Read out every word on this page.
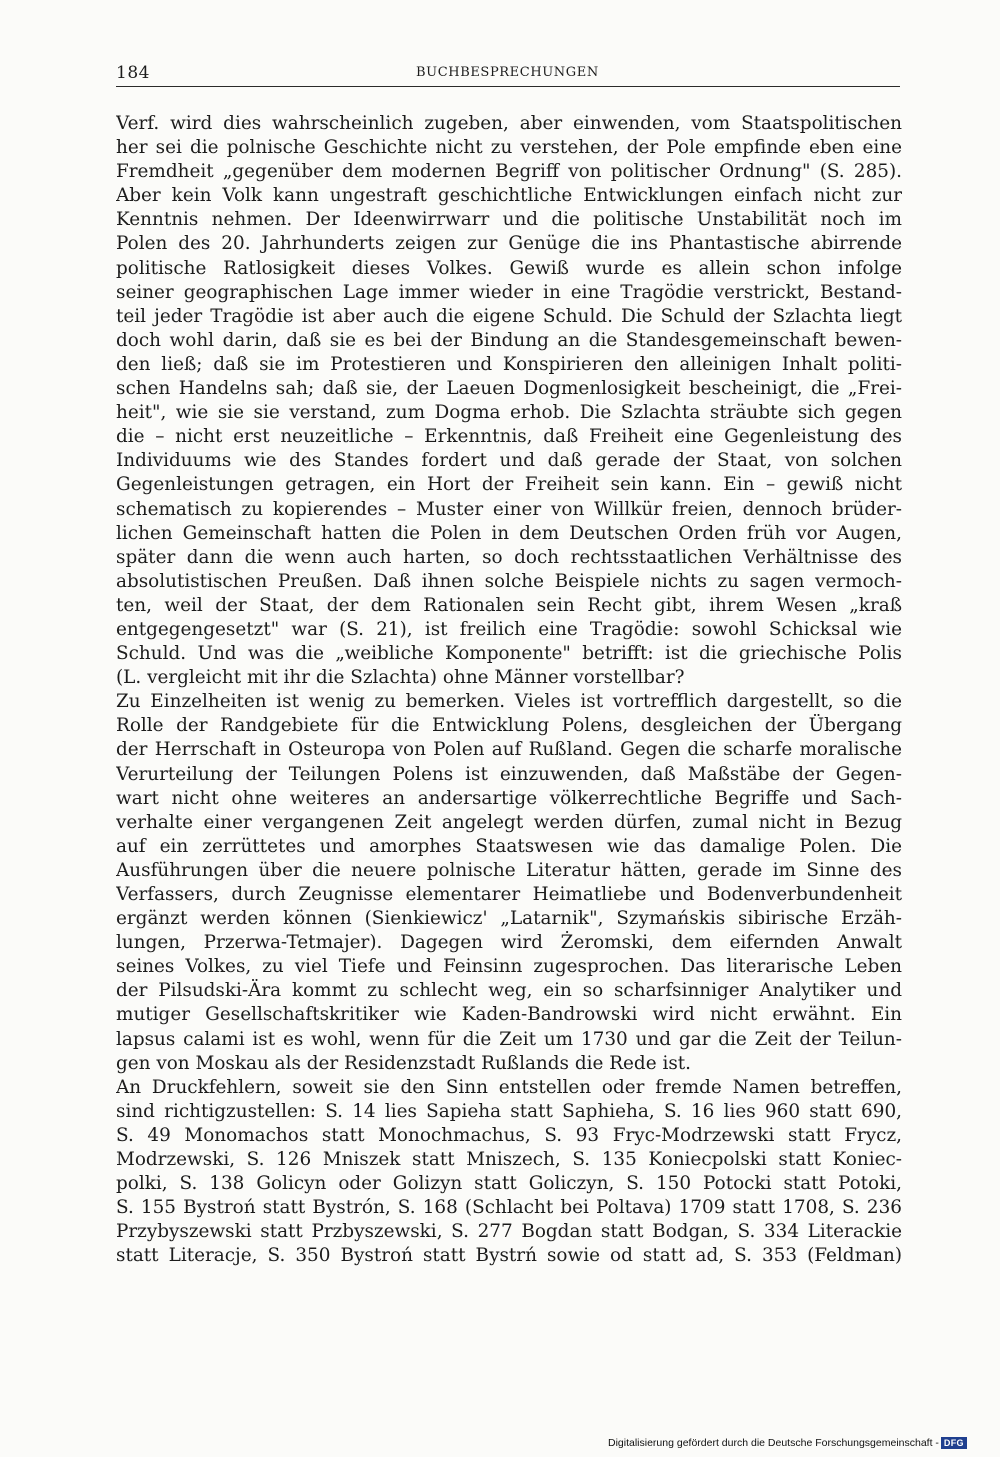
184	BUCHBESPRECHUNGEN
Verf. wird dies wahrscheinlich zugeben, aber einwenden, vom Staatspolitischen
her sei die polnische Geschichte nicht zu verstehen, der Pole empfinde eben eine
Fremdheit „gegenüber dem modernen Begriff von politischer Ordnung" (S. 285).
Aber kein Volk kann ungestraft geschichtliche Entwicklungen einfach nicht zur
Kenntnis nehmen. Der Ideenwirrwarr und die politische Unstabilität noch im
Polen des 20. Jahrhunderts zeigen zur Genüge die ins Phantastische abirrende
politische Ratlosigkeit dieses Volkes. Gewiß wurde es allein schon infolge
seiner geographischen Lage immer wieder in eine Tragödie verstrickt, Bestand-
teil jeder Tragödie ist aber auch die eigene Schuld. Die Schuld der Szlachta liegt
doch wohl darin, daß sie es bei der Bindung an die Standesgemeinschaft bewen-
den ließ; daß sie im Protestieren und Konspirieren den alleinigen Inhalt politi-
schen Handelns sah; daß sie, der Laeuen Dogmenlosigkeit bescheinigt, die „Frei-
heit", wie sie sie verstand, zum Dogma erhob. Die Szlachta sträubte sich gegen
die – nicht erst neuzeitliche – Erkenntnis, daß Freiheit eine Gegenleistung des
Individuums wie des Standes fordert und daß gerade der Staat, von solchen
Gegenleistungen getragen, ein Hort der Freiheit sein kann. Ein – gewiß nicht
schematisch zu kopierendes – Muster einer von Willkür freien, dennoch brüder-
lichen Gemeinschaft hatten die Polen in dem Deutschen Orden früh vor Augen,
später dann die wenn auch harten, so doch rechtsstaatlichen Verhältnisse des
absolutistischen Preußen. Daß ihnen solche Beispiele nichts zu sagen vermoch-
ten, weil der Staat, der dem Rationalen sein Recht gibt, ihrem Wesen „kraß
entgegengesetzt" war (S. 21), ist freilich eine Tragödie: sowohl Schicksal wie
Schuld. Und was die „weibliche Komponente" betrifft: ist die griechische Polis
(L. vergleicht mit ihr die Szlachta) ohne Männer vorstellbar?
Zu Einzelheiten ist wenig zu bemerken. Vieles ist vortrefflich dargestellt, so die
Rolle der Randgebiete für die Entwicklung Polens, desgleichen der Übergang
der Herrschaft in Osteuropa von Polen auf Rußland. Gegen die scharfe moralische
Verurteilung der Teilungen Polens ist einzuwenden, daß Maßstäbe der Gegen-
wart nicht ohne weiteres an andersartige völkerrechtliche Begriffe und Sach-
verhalte einer vergangenen Zeit angelegt werden dürfen, zumal nicht in Bezug
auf ein zerrüttetes und amorphes Staatswesen wie das damalige Polen. Die
Ausführungen über die neuere polnische Literatur hätten, gerade im Sinne des
Verfassers, durch Zeugnisse elementarer Heimatliebe und Bodenverbundenheit
ergänzt werden können (Sienkiewicz' „Latarnik", Szymańskis sibirische Erzäh-
lungen, Przerwa-Tetmajer). Dagegen wird Żeromski, dem eifernden Anwalt
seines Volkes, zu viel Tiefe und Feinsinn zugesprochen. Das literarische Leben
der Pilsudski-Ära kommt zu schlecht weg, ein so scharfsinniger Analytiker und
mutiger Gesellschaftskritiker wie Kaden-Bandrowski wird nicht erwähnt. Ein
lapsus calami ist es wohl, wenn für die Zeit um 1730 und gar die Zeit der Teilun-
gen von Moskau als der Residenzstadt Rußlands die Rede ist.
An Druckfehlern, soweit sie den Sinn entstellen oder fremde Namen betreffen,
sind richtigzustellen: S. 14 lies Sapieha statt Saphieha, S. 16 lies 960 statt 690,
S. 49 Monomachos statt Monochmachus, S. 93 Fryc-Modrzewski statt Frycz,
Modrzewski, S. 126 Mniszek statt Mniszech, S. 135 Koniecpolski statt Koniec-
polki, S. 138 Golicyn oder Golizyn statt Goliczyn, S. 150 Potocki statt Potoki,
S. 155 Bystroń statt Bystrón, S. 168 (Schlacht bei Poltava) 1709 statt 1708, S. 236
Przybyszewski statt Przbyszewski, S. 277 Bogdan statt Bodgan, S. 334 Literackie
statt Literacje, S. 350 Bystroń statt Bystrń sowie od statt ad, S. 353 (Feldman)
Digitalisierung gefördert durch die Deutsche Forschungsgemeinschaft - DFG
